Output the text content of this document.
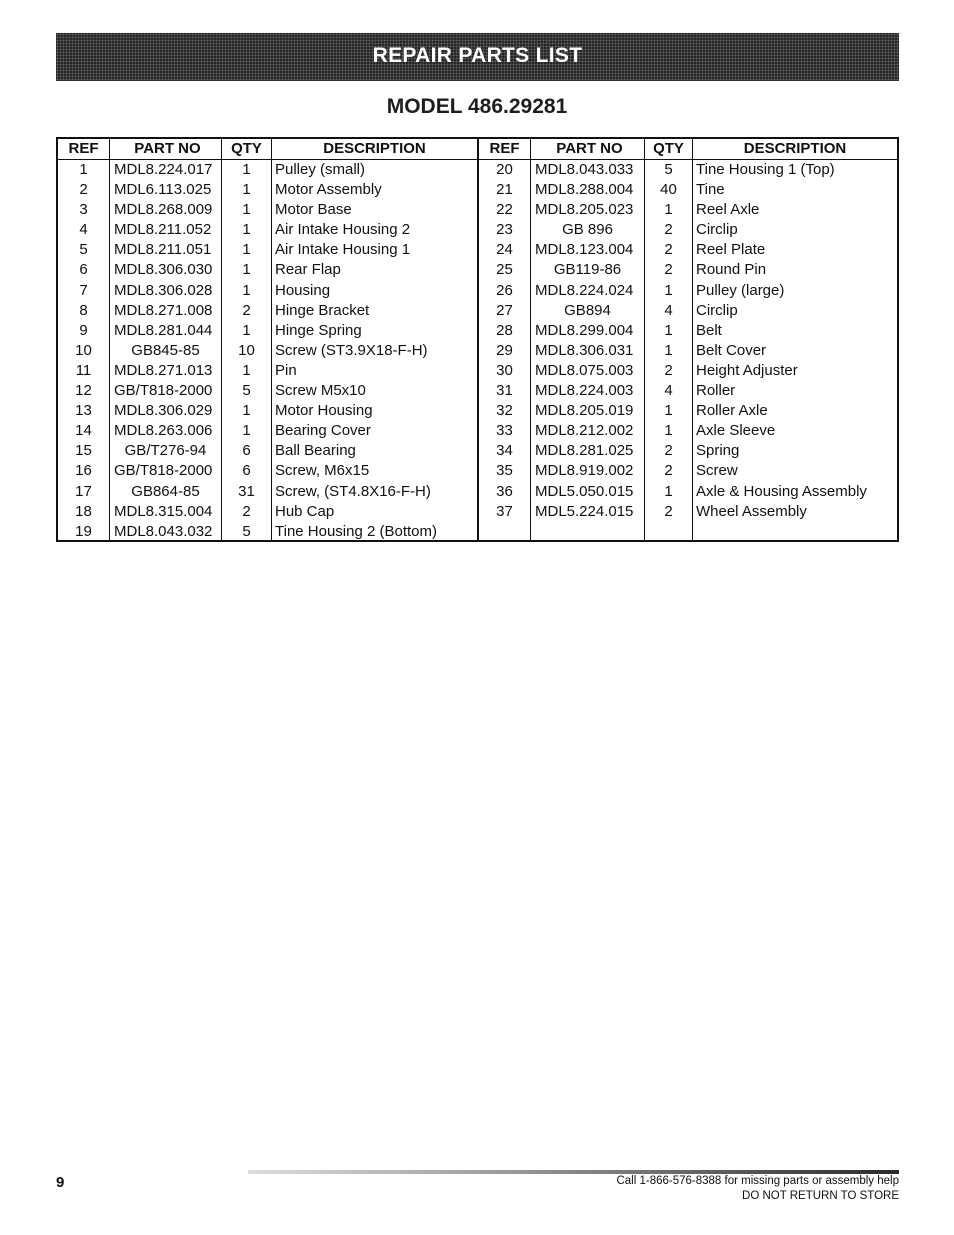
REPAIR PARTS LIST
MODEL 486.29281
REF	PART NO	QTY	DESCRIPTION
1	MDL8.224.017	1	Pulley (small)
2	MDL6.113.025	1	Motor Assembly
3	MDL8.268.009	1	Motor Base
4	MDL8.211.052	1	Air Intake Housing 2
5	MDL8.211.051	1	Air Intake Housing 1
6	MDL8.306.030	1	Rear Flap
7	MDL8.306.028	1	Housing
8	MDL8.271.008	2	Hinge Bracket
9	MDL8.281.044	1	Hinge Spring
10	GB845-85	10	Screw (ST3.9X18-F-H)
11	MDL8.271.013	1	Pin
12	GB/T818-2000	5	Screw M5x10
13	MDL8.306.029	1	Motor Housing
14	MDL8.263.006	1	Bearing Cover
15	GB/T276-94	6	Ball Bearing
16	GB/T818-2000	6	Screw, M6x15
17	GB864-85	31	Screw, (ST4.8X16-F-H)
18	MDL8.315.004	2	Hub Cap
19	MDL8.043.032	5	Tine Housing 2 (Bottom)
REF	PART NO	QTY	DESCRIPTION
20	MDL8.043.033	5	Tine Housing 1 (Top)
21	MDL8.288.004	40	Tine
22	MDL8.205.023	1	Reel Axle
23	GB 896	2	Circlip
24	MDL8.123.004	2	Reel Plate
25	GB119-86	2	Round Pin
26	MDL8.224.024	1	Pulley (large)
27	GB894	4	Circlip
28	MDL8.299.004	1	Belt
29	MDL8.306.031	1	Belt Cover
30	MDL8.075.003	2	Height Adjuster
31	MDL8.224.003	4	Roller
32	MDL8.205.019	1	Roller Axle
33	MDL8.212.002	1	Axle Sleeve
34	MDL8.281.025	2	Spring
35	MDL8.919.002	2	Screw
36	MDL5.050.015	1	Axle & Housing Assembly
37	MDL5.224.015	2	Wheel Assembly
9	Call 1-866-576-8388 for missing parts or assembly help
DO NOT RETURN TO STORE
